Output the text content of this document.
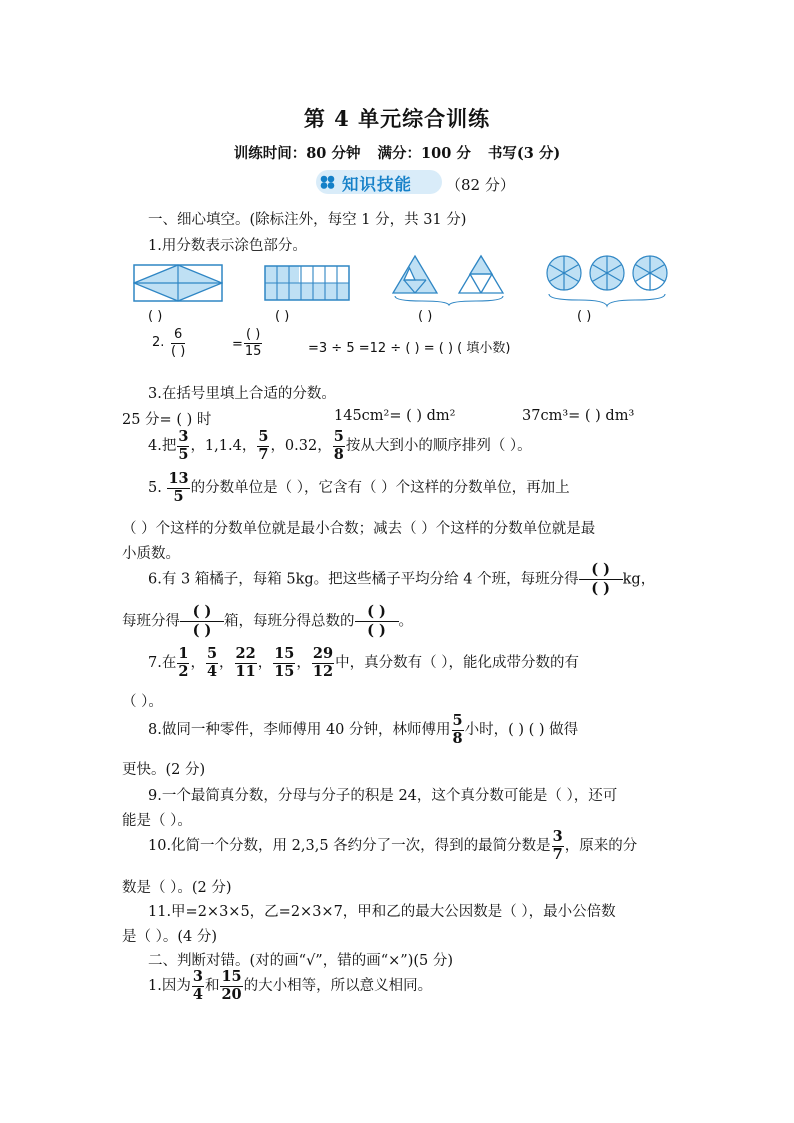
第 4 单元综合训练
训练时间：80 分钟 满分：100 分 书写(3 分)
知识技能 （82 分）
一、细心填空。(除标注外，每空 1 分，共 31 分)
1.用分数表示涂色部分。
( )	( )	( )	( )
2.
6
( )	=
( )
15	=3 ÷ 5 =12 ÷ ( ) = ( ) ( 填小数)
3.在括号里填上合适的分数。
25 分= ( ) 时	145cm²= ( ) dm²	37cm³= ( ) dm³
4.把 $\frac{3}{5}$ ，1,1.4， $\frac{5}{7}$ ，0.32， $\frac{5}{8}$ 按从大到小的顺序排列（ ）。
5. $\frac{13}{5}$ 的分数单位是（ ），它含有（ ）个这样的分数单位，再加上
（ ）个这样的分数单位就是最小合数；减去（ ）个这样的分数单位就是最
小质数。
6.有 3 箱橘子，每箱 5kg。把这些橘子平均分给 4 个班，每班分得
( )
( ) kg，
每班分得
( )
( ) 箱，每班分得总数的
( )
( ) 。
7.在 $\frac{1}{2}$ ， $\frac{5}{4}$ ， $\frac{22}{11}$ ， $\frac{15}{15}$ ， $\frac{29}{12}$ 中，真分数有（ ），能化成带分数的有
（ ）。
8.做同一种零件，李师傅用 40 分钟，林师傅用 $\frac{5}{8}$ 小时，( ) ( ) 做得
更快。(2 分)
9.一个最简真分数，分母与分子的积是 24，这个真分数可能是（ ），还可
能是（ ）。
10.化简一个分数，用 2,3,5 各约分了一次，得到的最简分数是 $\frac{3}{7}$ ，原来的分
数是（ ）。(2 分)
11.甲=2×3×5，乙=2×3×7，甲和乙的最大公因数是（ ），最小公倍数
是（ ）。(4 分)
二、判断对错。(对的画“√”，错的画“×”)(5 分)
1.因为 $\frac{3}{4}$ 和 $\frac{15}{20}$ 的大小相等，所以意义相同。
